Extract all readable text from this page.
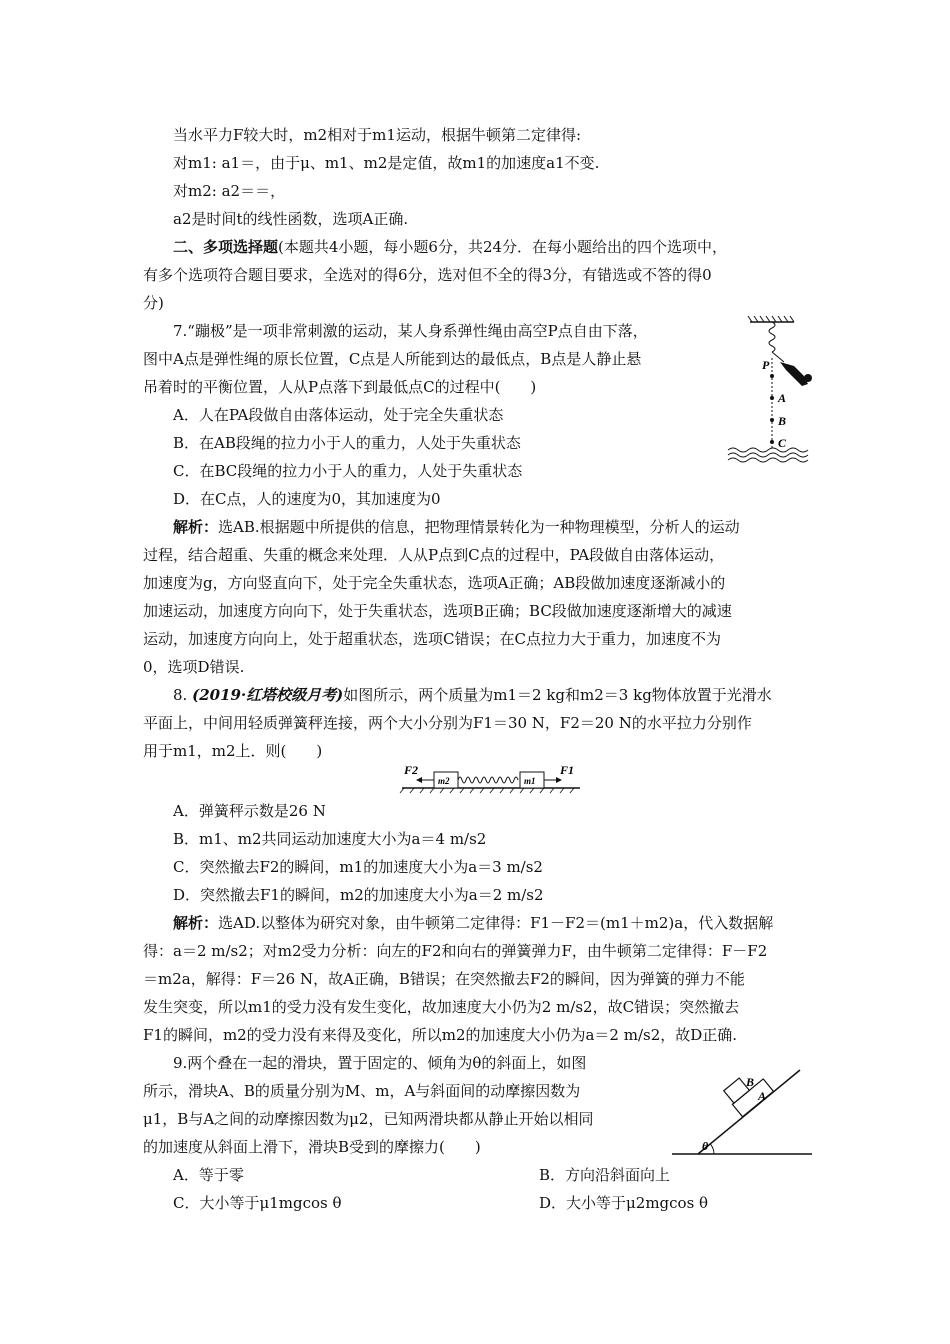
当水平力F较大时，m2相对于m1运动，根据牛顿第二定律得:
对m1: a1＝，由于μ、m1、m2是定值，故m1的加速度a1不变.
对m2: a2＝＝，
a2是时间t的线性函数，选项A正确.
二、多项选择题(本题共4小题，每小题6分，共24分．在每小题给出的四个选项中，
有多个选项符合题目要求，全选对的得6分，选对但不全的得3分，有错选或不答的得0
分)
7.“蹦极”是一项非常刺激的运动，某人身系弹性绳由高空P点自由下落，
图中A点是弹性绳的原长位置，C点是人所能到达的最低点，B点是人静止悬
吊着时的平衡位置，人从P点落下到最低点C的过程中(　　)
A．人在PA段做自由落体运动，处于完全失重状态
B．在AB段绳的拉力小于人的重力，人处于失重状态
C．在BC段绳的拉力小于人的重力，人处于失重状态
D．在C点，人的速度为0，其加速度为0
解析：选AB.根据题中所提供的信息，把物理情景转化为一种物理模型，分析人的运动
过程，结合超重、失重的概念来处理．人从P点到C点的过程中，PA段做自由落体运动，
加速度为g，方向竖直向下，处于完全失重状态，选项A正确；AB段做加速度逐渐减小的
加速运动，加速度方向向下，处于失重状态，选项B正确；BC段做加速度逐渐增大的减速
运动，加速度方向向上，处于超重状态，选项C错误；在C点拉力大于重力，加速度不为
0，选项D错误.
P
A
B
C
8. (2019·红塔校级月考)如图所示，两个质量为m1＝2 kg和m2＝3 kg物体放置于光滑水
平面上，中间用轻质弹簧秤连接，两个大小分别为F1＝30 N，F2＝20 N的水平拉力分别作
用于m1，m2上．则(　　)
F2
m2	m1
F1
A．弹簧秤示数是26 N
B．m1、m2共同运动加速度大小为a＝4 m/s2
C．突然撤去F2的瞬间，m1的加速度大小为a＝3 m/s2
D．突然撤去F1的瞬间，m2的加速度大小为a＝2 m/s2
解析：选AD.以整体为研究对象，由牛顿第二定律得：F1－F2＝(m1＋m2)a，代入数据解
得：a＝2 m/s2；对m2受力分析：向左的F2和向右的弹簧弹力F，由牛顿第二定律得：F－F2
＝m2a，解得：F＝26 N，故A正确，B错误；在突然撤去F2的瞬间，因为弹簧的弹力不能
发生突变，所以m1的受力没有发生变化，故加速度大小仍为2 m/s2，故C错误；突然撤去
F1的瞬间，m2的受力没有来得及变化，所以m2的加速度大小仍为a＝2 m/s2，故D正确.
9.两个叠在一起的滑块，置于固定的、倾角为θ的斜面上，如图
所示，滑块A、B的质量分别为M、m，A与斜面间的动摩擦因数为
μ1，B与A之间的动摩擦因数为μ2，已知两滑块都从静止开始以相同
的加速度从斜面上滑下，滑块B受到的摩擦力(　　)
A．等于零	B．方向沿斜面向上
C．大小等于μ1mgcos θ	D．大小等于μ2mgcos θ
B
A
θ
